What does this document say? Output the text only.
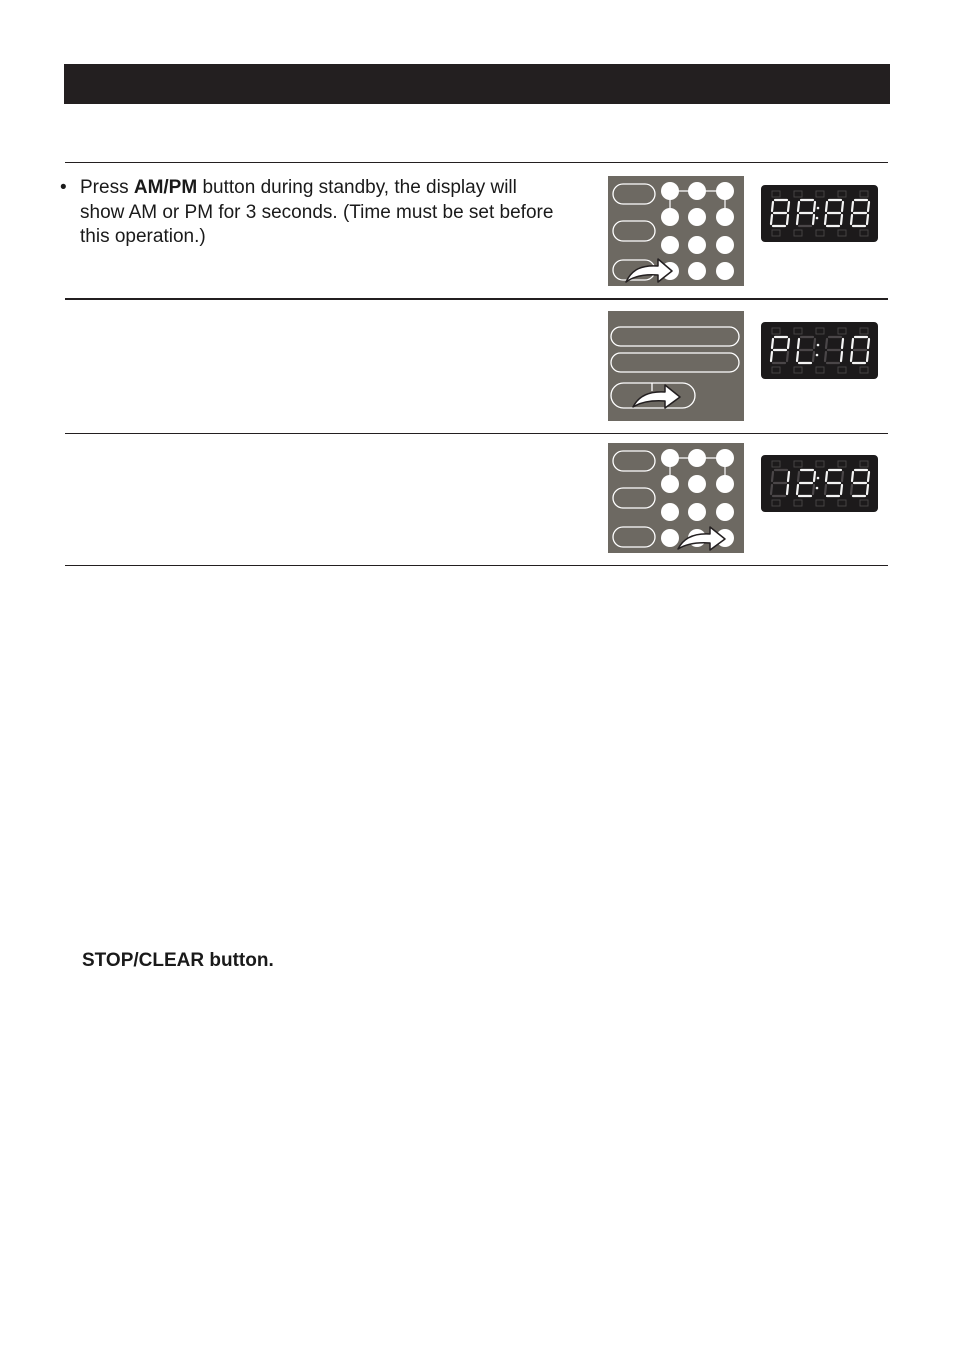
• Press AM/PM button during standby, the display will show AM or PM for 3 seconds. (Time must be set before this operation.)
STOP/CLEAR button.
